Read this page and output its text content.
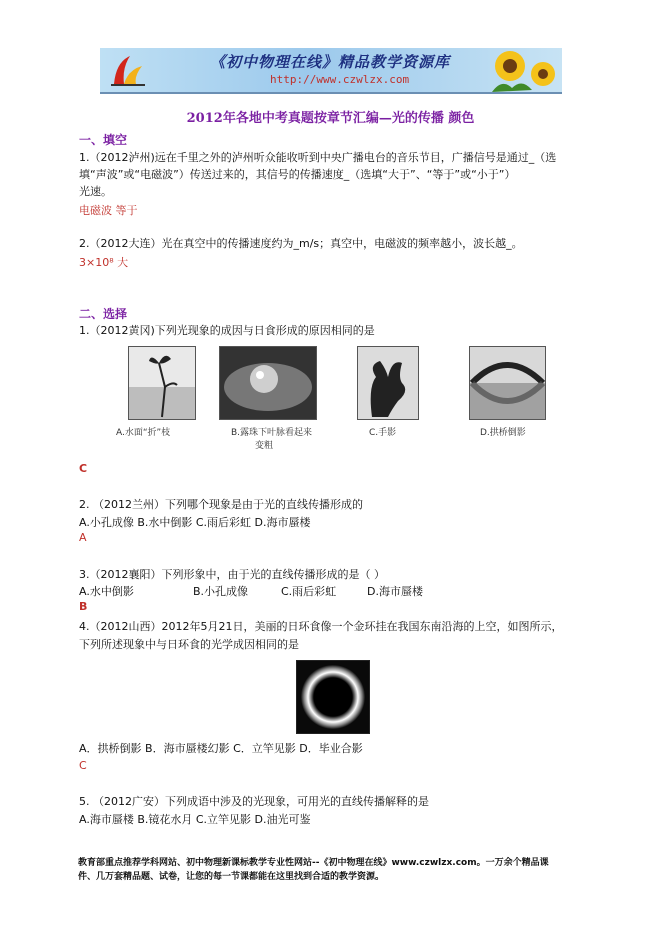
《初中物理在线》精品教学资源库
http://www.czwlzx.com
2012年各地中考真题按章节汇编—光的传播 颜色
一、填空
1.（2012泸州)远在千里之外的泸州听众能收听到中央广播电台的音乐节目，广播信号是通过_（选
填“声波”或“电磁波”）传送过来的，其信号的传播速度_（选填“大于”、“等于”或“小于”）
光速。
电磁波 等于
2.（2012大连）光在真空中的传播速度约为_m/s；真空中，电磁波的频率越小，波长越_。
3×10⁸ 大
二、选择
1.（2012黄冈)下列光现象的成因与日食形成的原因相同的是
A.水面“折”枝	B.露珠下叶脉看起来
变粗
C.手影	D.拱桥倒影
C
2. （2012兰州）下列哪个现象是由于光的直线传播形成的
A.小孔成像 B.水中倒影 C.雨后彩虹 D.海市蜃楼
A
3.（2012襄阳）下列形象中，由于光的直线传播形成的是（ ）
A.水中倒影	B.小孔成像	C.雨后彩虹	D.海市蜃楼
B
4.（2012山西）2012年5月21日，美丽的日环食像一个金环挂在我国东南沿海的上空，如图所示，
下列所述现象中与日环食的光学成因相同的是
A．拱桥倒影 B．海市蜃楼幻影 C．立竿见影 D．毕业合影
C
5. （2012广安）下列成语中涉及的光现象，可用光的直线传播解释的是
A.海市蜃楼 B.镜花水月 C.立竿见影 D.油光可鉴
教育部重点推荐学科网站、初中物理新课标教学专业性网站--《初中物理在线》www.czwlzx.com。一万余个精品课
件、几万套精品题、试卷，让您的每一节课都能在这里找到合适的教学资源。
